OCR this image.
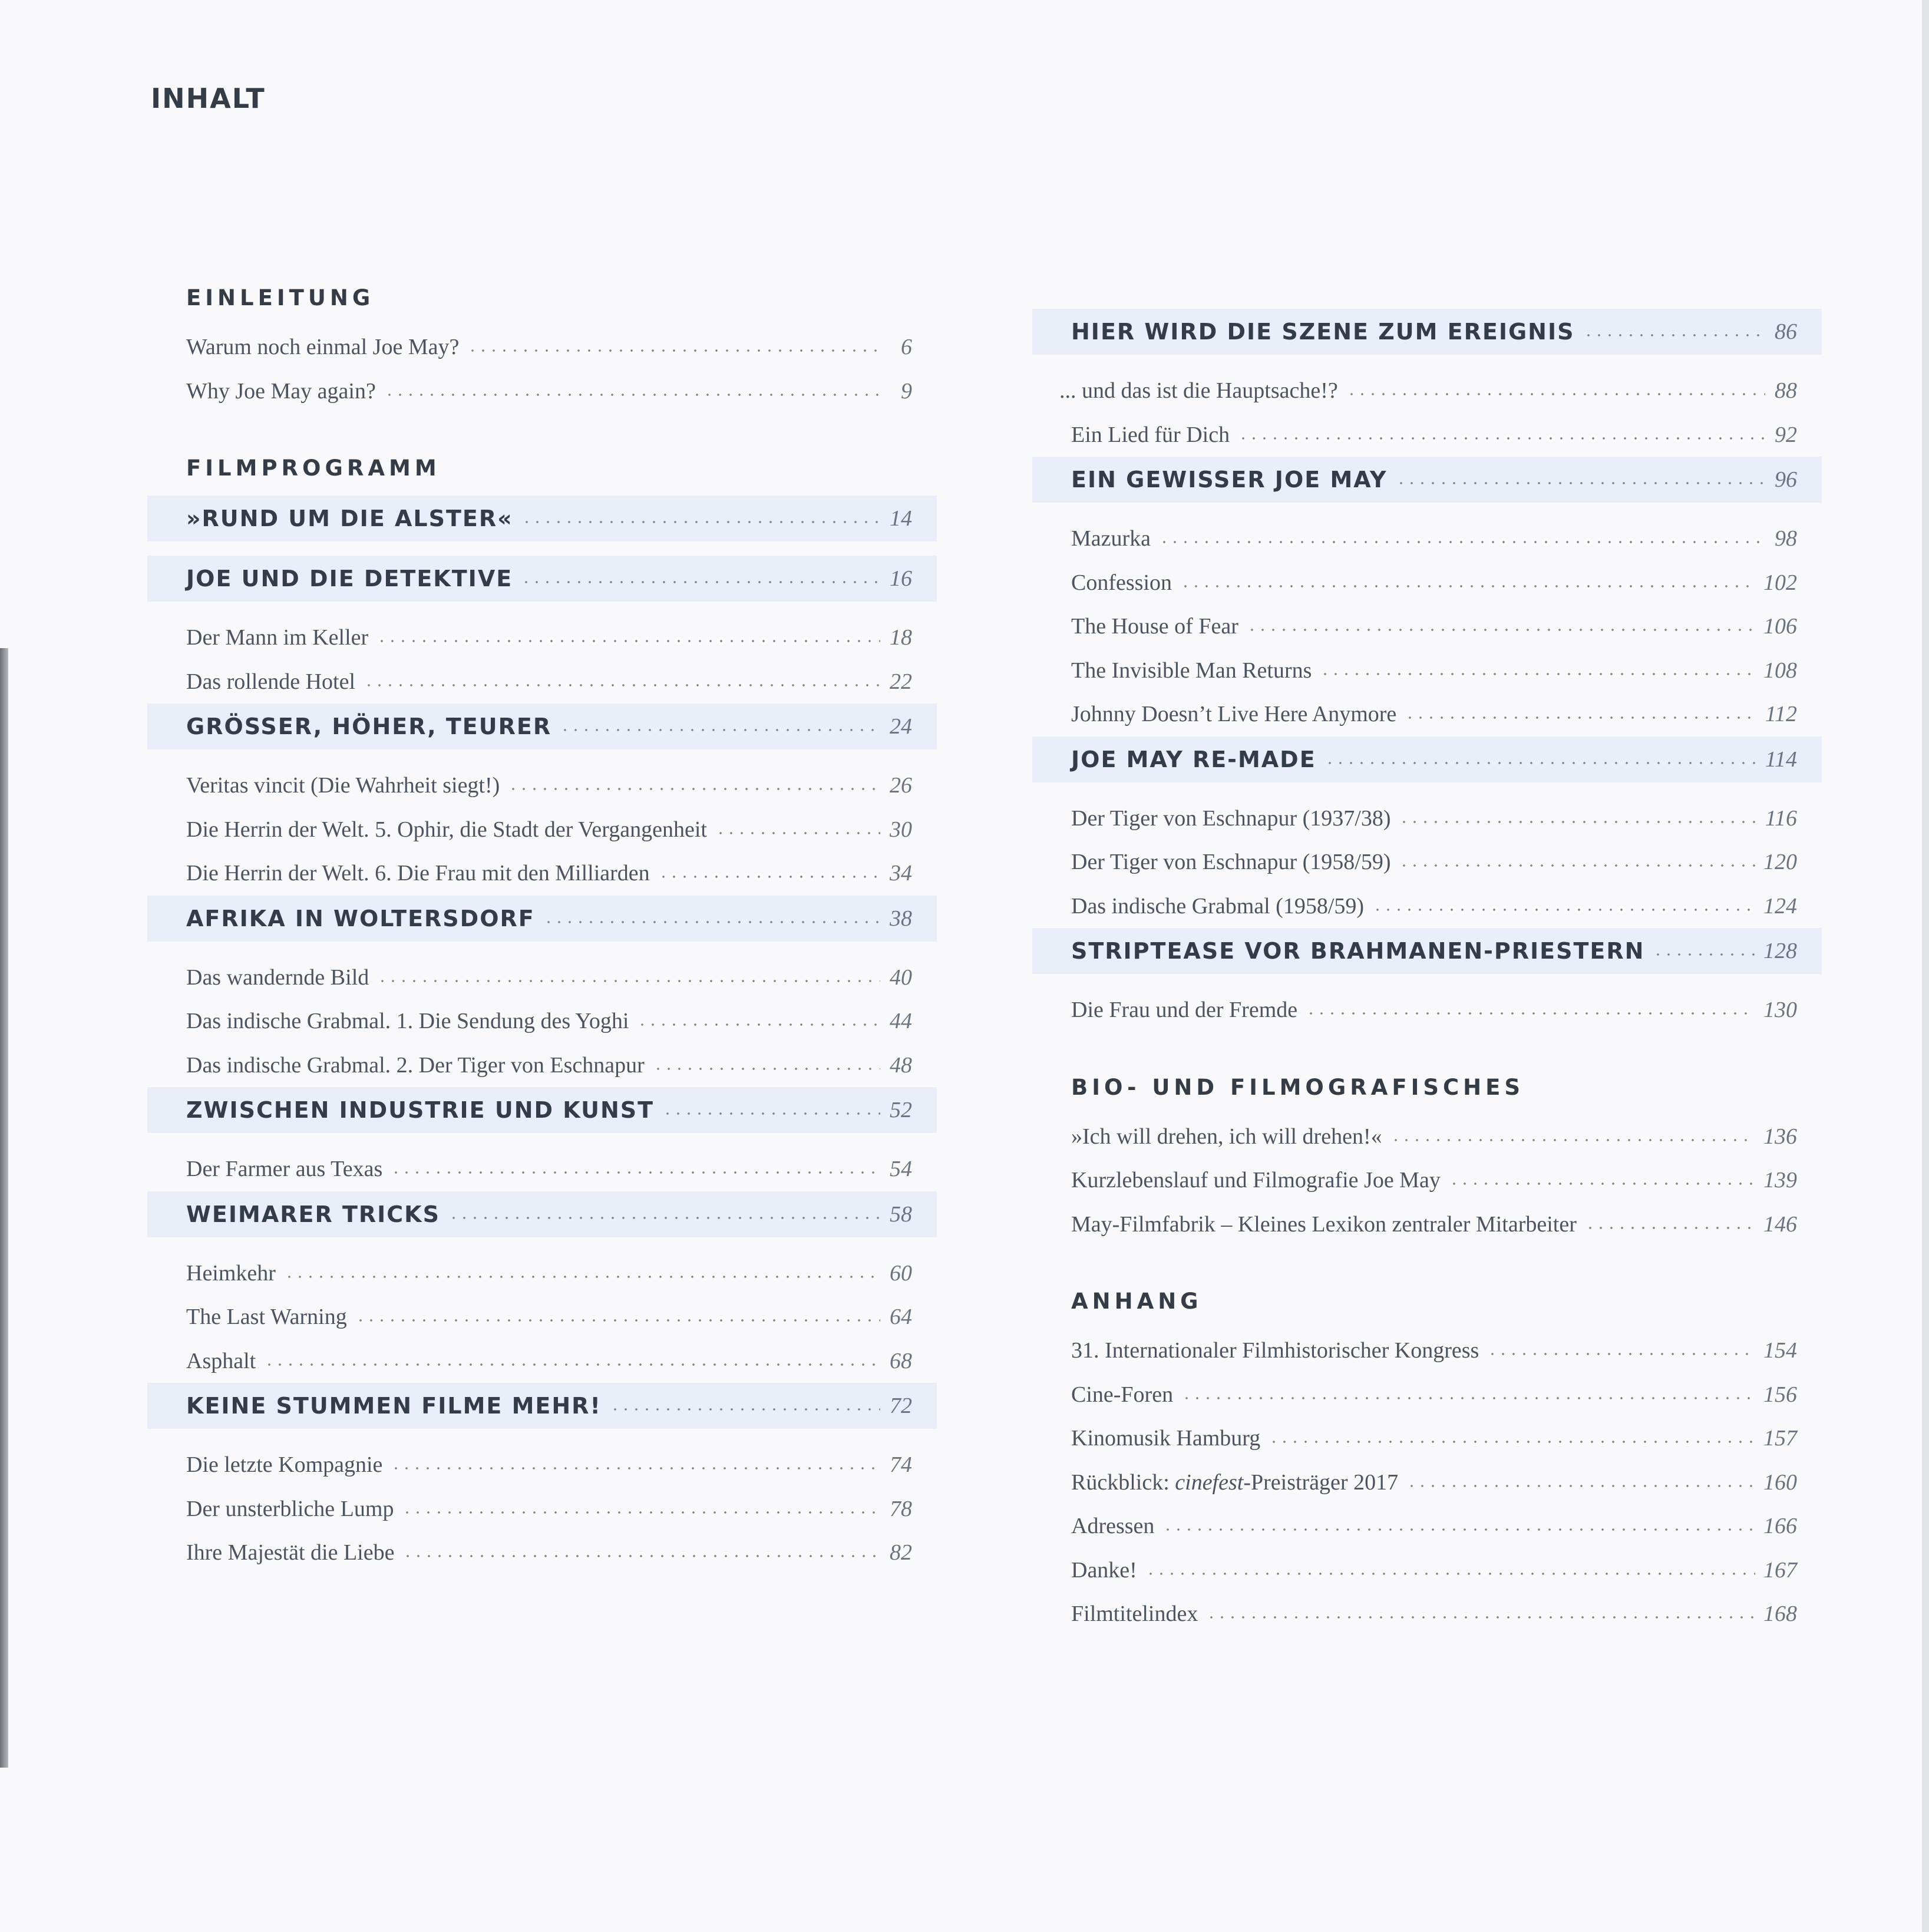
INHALT
EINLEITUNG
Warum noch einmal Joe May?	6
Why Joe May again?	9
FILMPROGRAMM
»RUND UM DIE ALSTER«	14
JOE UND DIE DETEKTIVE	16
Der Mann im Keller	18
Das rollende Hotel	22
GRÖSSER, HÖHER, TEURER	24
Veritas vincit (Die Wahrheit siegt!)	26
Die Herrin der Welt. 5. Ophir, die Stadt der Vergangenheit	30
Die Herrin der Welt. 6. Die Frau mit den Milliarden	34
AFRIKA IN WOLTERSDORF	38
Das wandernde Bild	40
Das indische Grabmal. 1. Die Sendung des Yoghi	44
Das indische Grabmal. 2. Der Tiger von Eschnapur	48
ZWISCHEN INDUSTRIE UND KUNST	52
Der Farmer aus Texas	54
WEIMARER TRICKS	58
Heimkehr	60
The Last Warning	64
Asphalt	68
KEINE STUMMEN FILME MEHR!	72
Die letzte Kompagnie	74
Der unsterbliche Lump	78
Ihre Majestät die Liebe	82
HIER WIRD DIE SZENE ZUM EREIGNIS	86
... und das ist die Hauptsache!?	88
Ein Lied für Dich	92
EIN GEWISSER JOE MAY	96
Mazurka	98
Confession	102
The House of Fear	106
The Invisible Man Returns	108
Johnny Doesn’t Live Here Anymore	112
JOE MAY RE-MADE	114
Der Tiger von Eschnapur (1937/38)	116
Der Tiger von Eschnapur (1958/59)	120
Das indische Grabmal (1958/59)	124
STRIPTEASE VOR BRAHMANEN-PRIESTERN	128
Die Frau und der Fremde	130
BIO- UND FILMOGRAFISCHES
»Ich will drehen, ich will drehen!«	136
Kurzlebenslauf und Filmografie Joe May	139
May-Filmfabrik – Kleines Lexikon zentraler Mitarbeiter	146
ANHANG
31. Internationaler Filmhistorischer Kongress	154
Cine-Foren	156
Kinomusik Hamburg	157
Rückblick: cinefest-Preisträger 2017	160
Adressen	166
Danke!	167
Filmtitelindex	168
